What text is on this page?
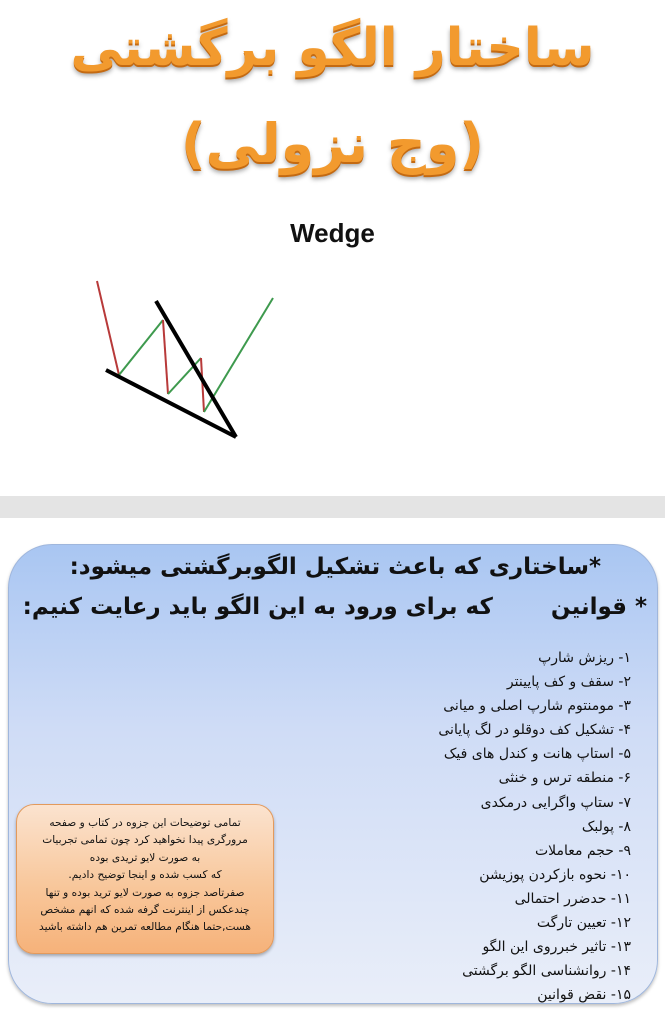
ساختار الگو برگشتی
(وج نزولی)
Wedge
*ساختاری که باعث تشکیل الگوبرگشتی میشود:
* قوانینکه برای ورود به این الگو باید رعایت کنیم:
۱- ریزش شارپ
۲- سقف و کف پایینتر
۳- مومنتوم شارپ اصلی و میانی
۴- تشکیل کف دوقلو در لگ پایانی
۵- استاپ هانت و کندل های فیک
۶- منطقه ترس و خنثی
۷- ستاپ واگرایی درمکدی
۸- پولبک
۹- حجم معاملات
۱۰- نحوه بازکردن پوزیشن
۱۱- حدضرر احتمالی
۱۲- تعیین تارگت
۱۳- تاثیر خبرروی این الگو
۱۴- روانشناسی الگو برگشتی
۱۵- نقض قوانین

تمامی توضیحات این جزوه در کتاب و صفحه

مرورگری پیدا نخواهید کرد چون تمامی تجربیات

به صورت لایو تریدی بوده

که کسب شده و اینجا توضیح دادیم.

صفرتاصد جزوه به صورت لایو ترید بوده و تنها

چندعکس از اینترنت گرفه شده که انهم مشخص

هست,حتما هنگام مطالعه تمرین هم داشته باشید
